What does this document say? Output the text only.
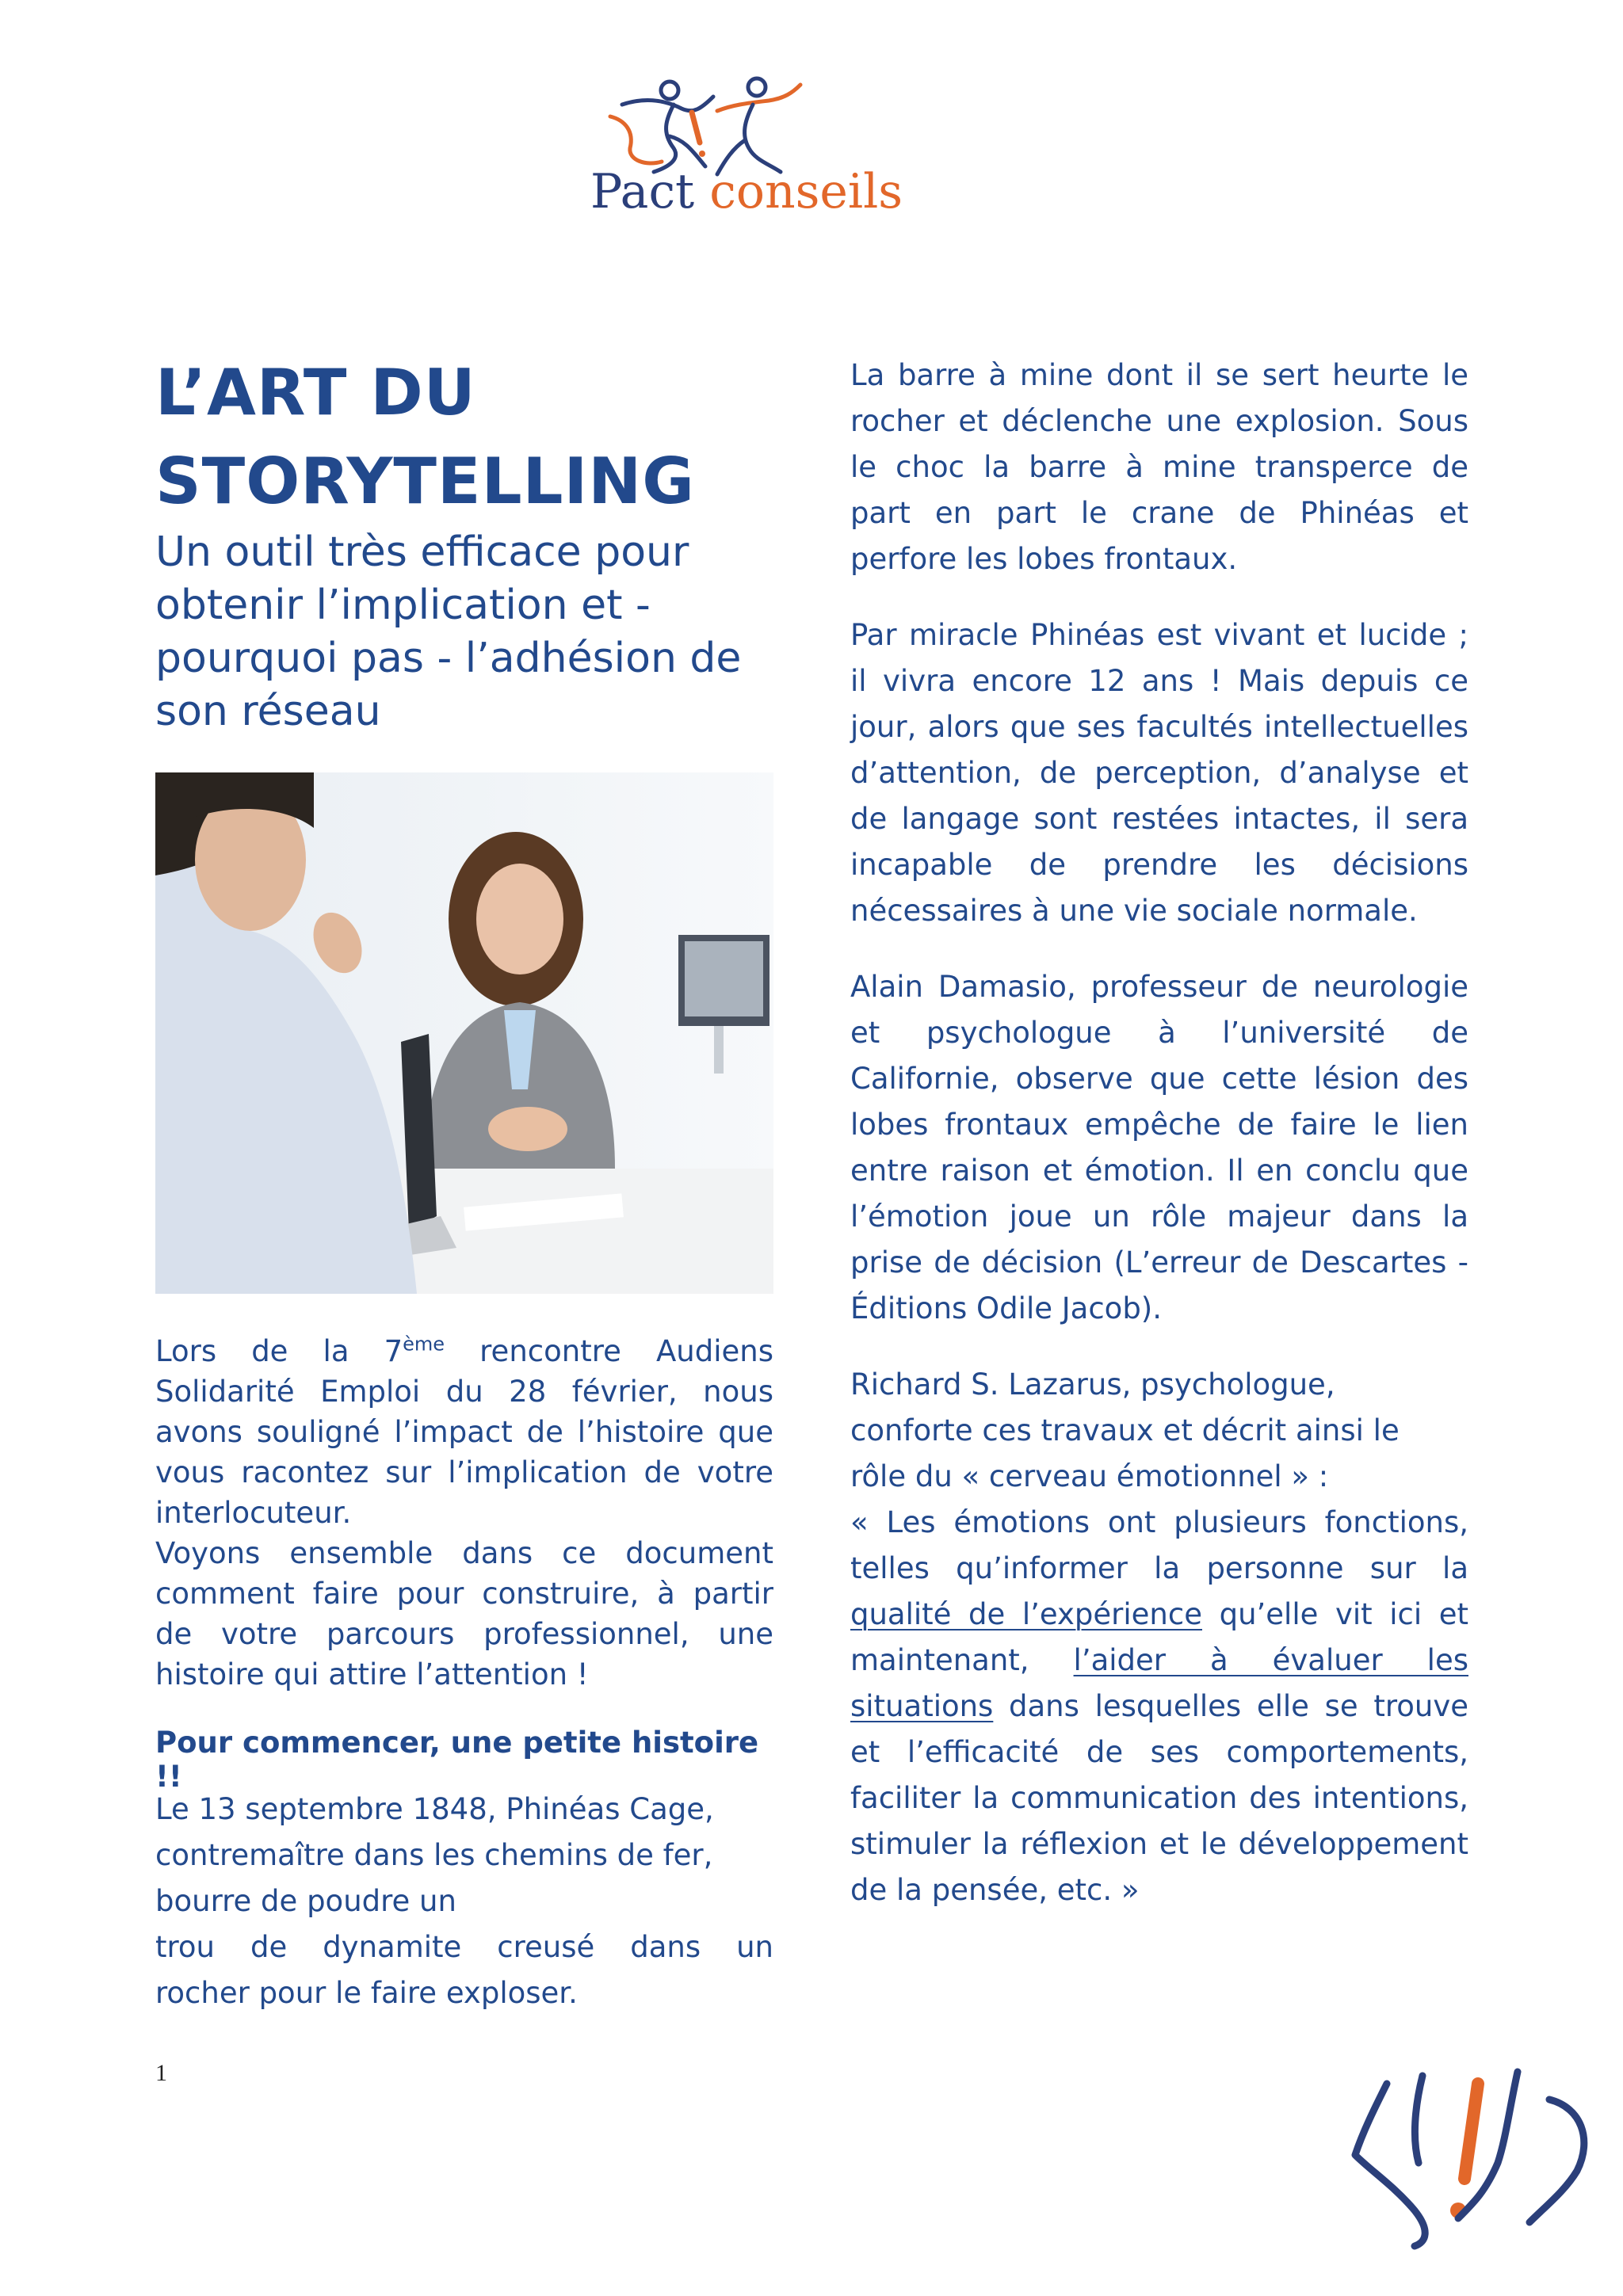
Pact conseils
L’ART DU
STORYTELLING
Un outil très efficace pour
obtenir l’implication et -
pourquoi pas - l’adhésion de
son réseau

Lors de la 7ème rencontre Audiens Solidarité Emploi du 28 février, nous avons souligné l’impact de l’histoire que vous racontez sur l’implication de votre interlocuteur.

Voyons ensemble dans ce document comment faire pour construire, à partir de votre parcours professionnel, une histoire qui attire l’attention !

Pour commencer, une petite histoire !!

Le 13 septembre 1848, Phinéas Cage,

contremaître dans les chemins de fer,

bourre de poudre un

trou de dynamite creusé dans un

rocher pour le faire exploser.

La barre à mine dont il se sert heurte le rocher et déclenche une explosion. Sous le choc la barre à mine transperce de part en part le crane de Phinéas et perfore les lobes frontaux.

Par miracle Phinéas est vivant et lucide ; il vivra encore 12 ans ! Mais depuis ce jour, alors que ses facultés intellectuelles d’attention, de perception, d’analyse et de langage sont restées intactes, il sera incapable de prendre les décisions nécessaires à une vie sociale normale.

Alain Damasio, professeur de neurologie et psychologue à l’université de Californie, observe que cette lésion des lobes frontaux empêche de faire le lien entre raison et émotion. Il en conclu que l’émotion joue un rôle majeur dans la prise de décision (L’erreur de Descartes - Éditions Odile Jacob).

Richard S. Lazarus, psychologue,
conforte ces travaux et décrit ainsi le
rôle du « cerveau émotionnel » :

« Les émotions ont plusieurs fonctions, telles qu’informer la personne sur la qualité de l’expérience qu’elle vit ici et maintenant, l’aider à évaluer les situations dans lesquelles elle se trouve et l’efficacité de ses comportements, faciliter la communication des intentions, stimuler la réflexion et le développement de la pensée, etc. »

1
